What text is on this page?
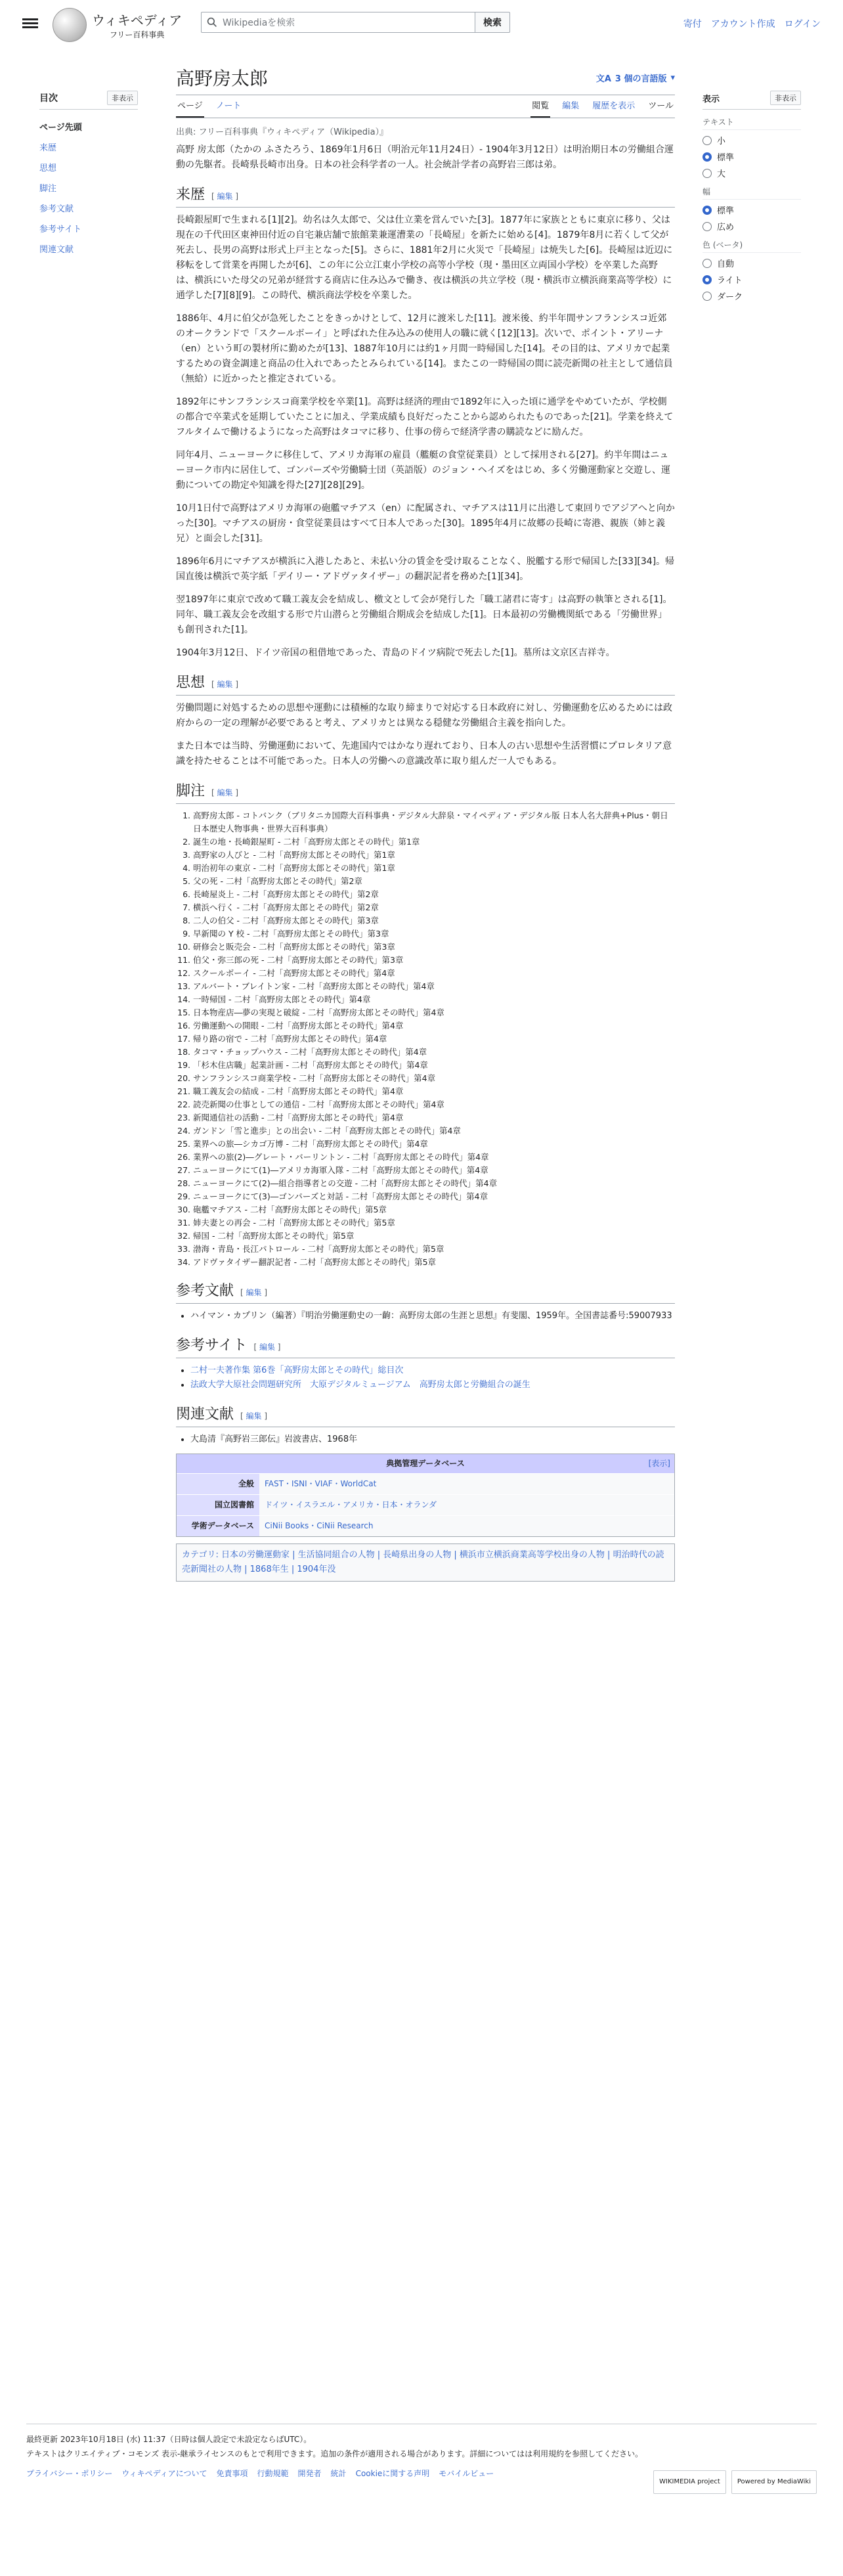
ウィキペディア
フリー百科事典
Wikipediaを検索	検索	寄付 アカウント作成 ログイン
目次	非表示
ページ先頭
来歴
思想
脚注
参考文献
参考サイト
関連文献
高野房太郎	文A 3 個の言語版 ▾
ページ ノート	閲覧 編集 履歴を表示 ツール
出典: フリー百科事典『ウィキペディア（Wikipedia）』

高野 房太郎（たかの ふさたろう、1869年1月6日（明治元年11月24日）- 1904年3月12日）は明治期日本の労働組合運動の先駆者。長崎県長崎市出身。日本の社会科学者の一人。社会統計学者の高野岩三郎は弟。

来歴 [ 編集 ]

長崎銀屋町で生まれる[1][2]。幼名は久太郎で、父は仕立業を営んでいた[3]。1877年に家族とともに東京に移り、父は現在の千代田区東神田付近の自宅兼店舗で旅館業兼運漕業の「長崎屋」を新たに始める[4]。1879年8月に若くして父が死去し、長男の高野は形式上戸主となった[5]。さらに、1881年2月に火災で「長崎屋」は焼失した[6]。長崎屋は近辺に移転をして営業を再開したが[6]、この年に公立江東小学校の高等小学校（現・墨田区立両国小学校）を卒業した高野は、横浜にいた母父の兄弟が経営する商店に住み込みで働き、夜は横浜の共立学校（現・横浜市立横浜商業高等学校）に通学した[7][8][9]。この時代、横浜商法学校を卒業した。

1886年、4月に伯父が急死したことをきっかけとして、12月に渡米した[11]。渡米後、約半年間サンフランシスコ近郊のオークランドで「スクールボーイ」と呼ばれた住み込みの使用人の職に就く[12][13]。次いで、ポイント・アリーナ（en）という町の製材所に勤めたが[13]、1887年10月には約1ヶ月間一時帰国した[14]。その目的は、アメリカで起業するための資金調達と商品の仕入れであったとみられている[14]。またこの一時帰国の間に読売新聞の社主として通信員（無給）に近かったと推定されている。

1892年にサンフランシスコ商業学校を卒業[1]。高野は経済的理由で1892年に入った頃に通学をやめていたが、学校側の都合で卒業式を延期していたことに加え、学業成績も良好だったことから認められたものであった[21]。学業を終えてフルタイムで働けるようになった高野はタコマに移り、仕事の傍らで経済学書の購読などに励んだ。

同年4月、ニューヨークに移住して、アメリカ海軍の雇員（艦艇の食堂従業員）として採用される[27]。約半年間はニューヨーク市内に居住して、ゴンパーズや労働騎士団（英語版）のジョン・ヘイズをはじめ、多く労働運動家と交遊し、運動についての勘定や知識を得た[27][28][29]。

10月1日付で高野はアメリカ海軍の砲艦マチアス（en）に配属され、マチアスは11月に出港して東回りでアジアへと向かった[30]。マチアスの厨房・食堂従業員はすべて日本人であった[30]。1895年4月に故郷の長崎に寄港、親族（姉と義兄）と面会した[31]。

1896年6月にマチアスが横浜に入港したあと、未払い分の賃金を受け取ることなく、脱艦する形で帰国した[33][34]。帰国直後は横浜で英字紙「デイリー・アドヴァタイザー」の翻訳記者を務めた[1][34]。

翌1897年に東京で改めて職工義友会を結成し、檄文として会が発行した「職工諸君に寄す」は高野の執筆とされる[1]。同年、職工義友会を改組する形で片山潜らと労働組合期成会を結成した[1]。日本最初の労働機関紙である「労働世界」も創刊された[1]。

1904年3月12日、ドイツ帝国の租借地であった、青島のドイツ病院で死去した[1]。墓所は文京区吉祥寺。

思想 [ 編集 ]

労働問題に対処するための思想や運動には積極的な取り締まりで対応する日本政府に対し、労働運動を広めるためには政府からの一定の理解が必要であると考え、アメリカとは異なる穏健な労働組合主義を指向した。

また日本では当時、労働運動において、先進国内ではかなり遅れており、日本人の古い思想や生活習慣にプロレタリア意識を持たせることは不可能であった。日本人の労働への意識改革に取り組んだ一人でもある。

脚注 [ 編集 ]
1. 高野房太郎 - コトバンク（ブリタニカ国際大百科事典・デジタル大辞泉・マイペディア・デジタル版 日本人名大辞典+Plus・朝日日本歴史人物事典・世界大百科事典）
2. 誕生の地・長崎銀屋町 - 二村「高野房太郎とその時代」第1章
3. 高野家の人びと - 二村「高野房太郎とその時代」第1章
4. 明治初年の東京 - 二村「高野房太郎とその時代」第1章
5. 父の死 - 二村「高野房太郎とその時代」第2章
6. 長崎屋炎上 - 二村「高野房太郎とその時代」第2章
7. 横浜へ行く - 二村「高野房太郎とその時代」第2章
8. 二人の伯父 - 二村「高野房太郎とその時代」第3章
9. 早新聞の Y 校 - 二村「高野房太郎とその時代」第3章
10. 研修会と販売会 - 二村「高野房太郎とその時代」第3章
11. 伯父・弥三郎の死 - 二村「高野房太郎とその時代」第3章
12. スクールボーイ - 二村「高野房太郎とその時代」第4章
13. アルバート・ブレイトン家 - 二村「高野房太郎とその時代」第4章
14. 一時帰国 - 二村「高野房太郎とその時代」第4章
15. 日本物産店―夢の実現と破綻 - 二村「高野房太郎とその時代」第4章
16. 労働運動への開眼 - 二村「高野房太郎とその時代」第4章
17. 帰り路の宿で - 二村「高野房太郎とその時代」第4章
18. タコマ・チョップハウス - 二村「高野房太郎とその時代」第4章
19. 「杉木住店職」起業計画 - 二村「高野房太郎とその時代」第4章
20. サンフランシスコ商業学校 - 二村「高野房太郎とその時代」第4章
21. 職工義友会の結成 - 二村「高野房太郎とその時代」第4章
22. 読売新聞の仕事としての通信 - 二村「高野房太郎とその時代」第4章
23. 新聞通信社の活動 - 二村「高野房太郎とその時代」第4章
24. ガンドン「雪と進歩」との出会い - 二村「高野房太郎とその時代」第4章
25. 業界への旅―シカゴ万博 - 二村「高野房太郎とその時代」第4章
26. 業界への旅(2)―グレート・バーリントン - 二村「高野房太郎とその時代」第4章
27. ニューヨークにて(1)―アメリカ海軍入隊 - 二村「高野房太郎とその時代」第4章
28. ニューヨークにて(2)―組合指導者との交遊 - 二村「高野房太郎とその時代」第4章
29. ニューヨークにて(3)―ゴンパーズと対話 - 二村「高野房太郎とその時代」第4章
30. 砲艦マチアス - 二村「高野房太郎とその時代」第5章
31. 姉夫妻との再会 - 二村「高野房太郎とその時代」第5章
32. 帰国 - 二村「高野房太郎とその時代」第5章
33. 渤海・青島・長江パトロール - 二村「高野房太郎とその時代」第5章
34. アドヴァタイザー翻訳記者 - 二村「高野房太郎とその時代」第5章
参考文献 [ 編集 ]
• ハイマン・カプリン（編著）『明治労働運動史の一齣：高野房太郎の生涯と思想』有斐閣、1959年。全国書誌番号:59007933
参考サイト [ 編集 ]
• 二村一夫著作集 第6巻「高野房太郎とその時代」総目次
• 法政大学大原社会問題研究所　大原デジタルミュージアム　高野房太郎と労働組合の誕生
関連文献 [ 編集 ]
• 大島清『高野岩三郎伝』岩波書店、1968年
典拠管理データベース	[表示]
全般	FAST・ISNI・VIAF・WorldCat
国立図書館	ドイツ・イスラエル・アメリカ・日本・オランダ
学術データベース	CiNii Books・CiNii Research
カテゴリ: 日本の労働運動家 | 生活協同組合の人物 | 長崎県出身の人物 | 横浜市立横浜商業高等学校出身の人物 | 明治時代の読売新聞社の人物 | 1868年生 | 1904年没
表示	非表示
テキスト
小
標準
大
幅
標準
広め
色 (ベータ)
自動
ライト
ダーク
最終更新 2023年10月18日 (水) 11:37（日時は個人設定で未設定ならばUTC）。
テキストはクリエイティブ・コモンズ 表示-継承ライセンスのもとで利用できます。追加の条件が適用される場合があります。詳細についてはは利用規約を参照してください。
プライバシー・ポリシー ウィキペディアについて 免責事項 行動規範 開発者 統計 Cookieに関する声明 モバイルビュー
WIKIMEDIA project	Powered by MediaWiki
